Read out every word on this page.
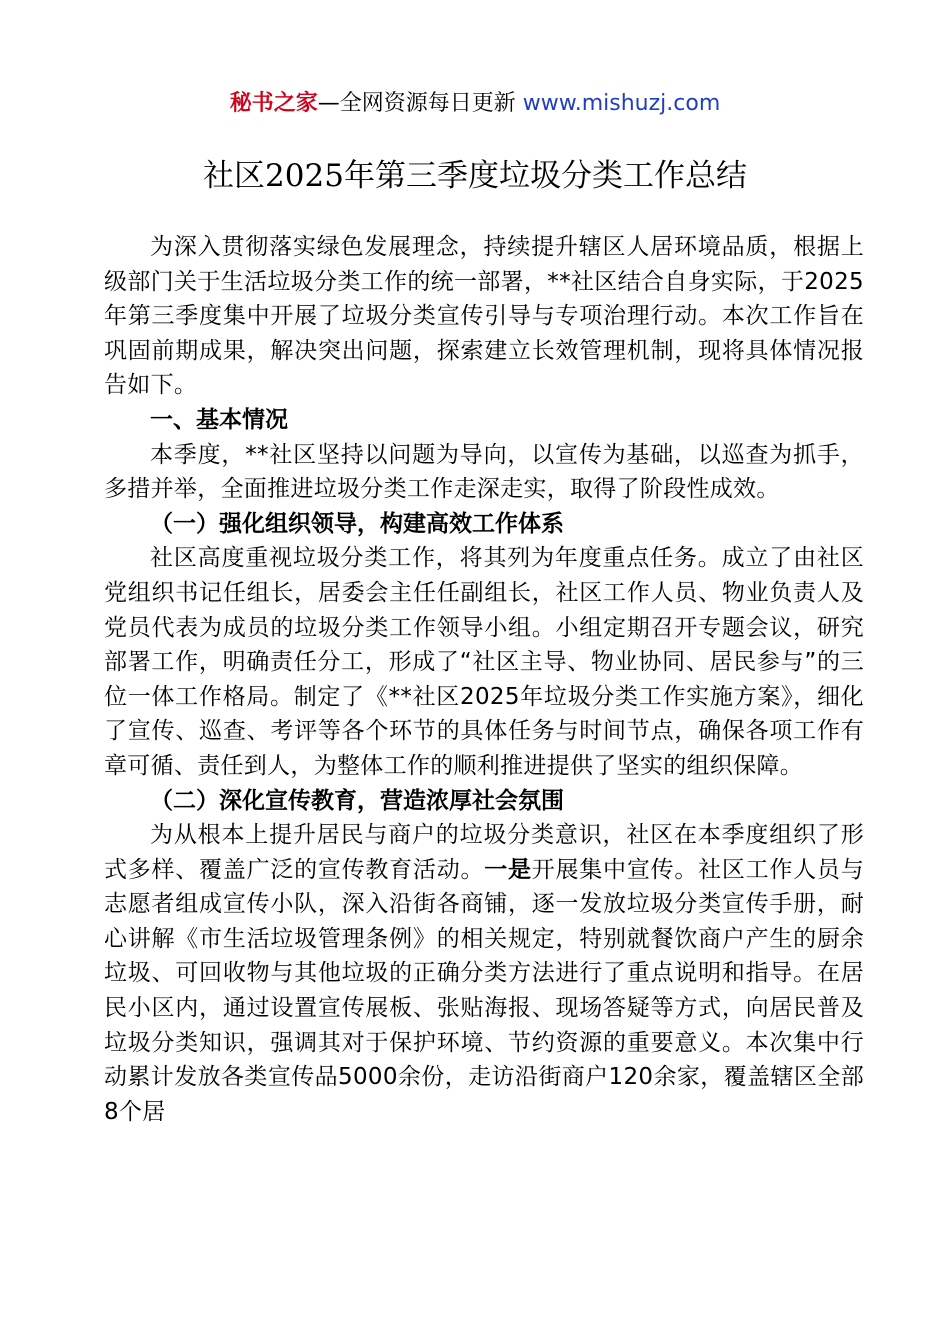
秘书之家—全网资源每日更新 www.mishuzj.com
社区2025年第三季度垃圾分类工作总结

为深入贯彻落实绿色发展理念，持续提升辖区人居环境品质，根据上级部门关于生活垃圾分类工作的统一部署，**社区结合自身实际，于2025年第三季度集中开展了垃圾分类宣传引导与专项治理行动。本次工作旨在巩固前期成果，解决突出问题，探索建立长效管理机制，现将具体情况报告如下。

一、基本情况

本季度，**社区坚持以问题为导向，以宣传为基础，以巡查为抓手，多措并举，全面推进垃圾分类工作走深走实，取得了阶段性成效。

（一）强化组织领导，构建高效工作体系

社区高度重视垃圾分类工作，将其列为年度重点任务。成立了由社区党组织书记任组长，居委会主任任副组长，社区工作人员、物业负责人及党员代表为成员的垃圾分类工作领导小组。小组定期召开专题会议，研究部署工作，明确责任分工，形成了“社区主导、物业协同、居民参与”的三位一体工作格局。制定了《**社区2025年垃圾分类工作实施方案》，细化了宣传、巡查、考评等各个环节的具体任务与时间节点，确保各项工作有章可循、责任到人，为整体工作的顺利推进提供了坚实的组织保障。

（二）深化宣传教育，营造浓厚社会氛围

为从根本上提升居民与商户的垃圾分类意识，社区在本季度组织了形式多样、覆盖广泛的宣传教育活动。一是开展集中宣传。社区工作人员与志愿者组成宣传小队，深入沿街各商铺，逐一发放垃圾分类宣传手册，耐心讲解《市生活垃圾管理条例》的相关规定，特别就餐饮商户产生的厨余垃圾、可回收物与其他垃圾的正确分类方法进行了重点说明和指导。在居民小区内，通过设置宣传展板、张贴海报、现场答疑等方式，向居民普及垃圾分类知识，强调其对于保护环境、节约资源的重要意义。本次集中行动累计发放各类宣传品5000余份，走访沿街商户120余家，覆盖辖区全部8个居
